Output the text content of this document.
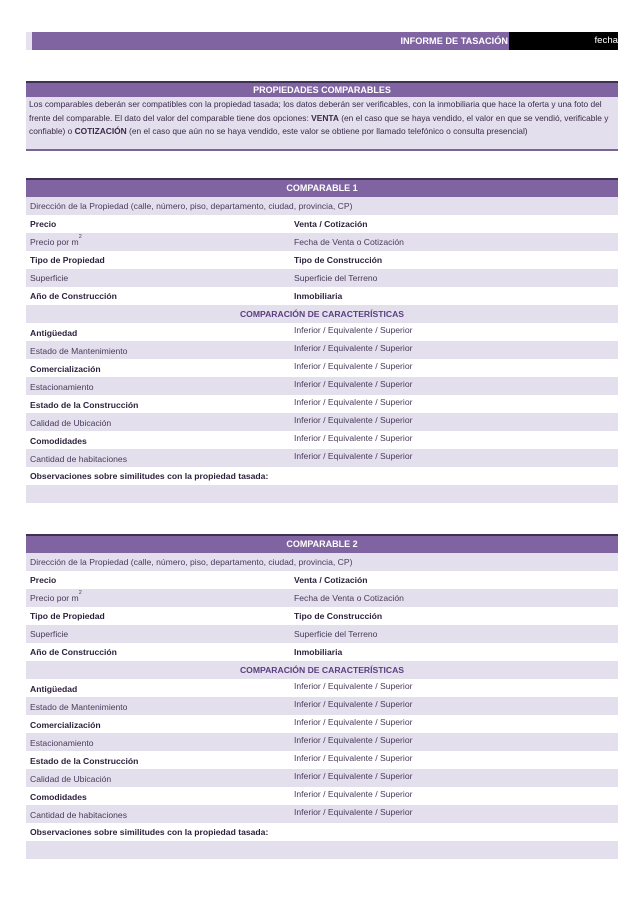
INFORME DE TASACIÓN	fecha
PROPIEDADES COMPARABLES

Los comparables deberán ser compatibles con la propiedad tasada; los datos deberán ser verificables, con la inmobiliaria que hace la oferta y una foto del frente del comparable. El dato del valor del comparable tiene dos opciones: VENTA (en el caso que se haya vendido, el valor en que se vendió, verificable y confiable) o COTIZACIÓN (en el caso que aún no se haya vendido, este valor se obtiene por llamado telefónico o consulta presencial)

COMPARABLE 1
Dirección de la Propiedad (calle, número, piso, departamento, ciudad, provincia, CP)
Precio	Venta / Cotización
Precio por $m^2$	Fecha de Venta o Cotización
Tipo de Propiedad	Tipo de Construcción
Superficie	Superficie del Terreno
Año de Construcción	Inmobiliaria
COMPARACIÓN DE CARACTERÍSTICAS
Antigüedad	Inferior / Equivalente / Superior
Estado de Mantenimiento	Inferior / Equivalente / Superior
Comercialización	Inferior / Equivalente / Superior
Estacionamiento	Inferior / Equivalente / Superior
Estado de la Construcción	Inferior / Equivalente / Superior
Calidad de Ubicación	Inferior / Equivalente / Superior
Comodidades	Inferior / Equivalente / Superior
Cantidad de habitaciones	Inferior / Equivalente / Superior
Observaciones sobre similitudes con la propiedad tasada:
COMPARABLE 2
Dirección de la Propiedad (calle, número, piso, departamento, ciudad, provincia, CP)
Precio	Venta / Cotización
Precio por $m^2$	Fecha de Venta o Cotización
Tipo de Propiedad	Tipo de Construcción
Superficie	Superficie del Terreno
Año de Construcción	Inmobiliaria
COMPARACIÓN DE CARACTERÍSTICAS
Antigüedad	Inferior / Equivalente / Superior
Estado de Mantenimiento	Inferior / Equivalente / Superior
Comercialización	Inferior / Equivalente / Superior
Estacionamiento	Inferior / Equivalente / Superior
Estado de la Construcción	Inferior / Equivalente / Superior
Calidad de Ubicación	Inferior / Equivalente / Superior
Comodidades	Inferior / Equivalente / Superior
Cantidad de habitaciones	Inferior / Equivalente / Superior
Observaciones sobre similitudes con la propiedad tasada:
